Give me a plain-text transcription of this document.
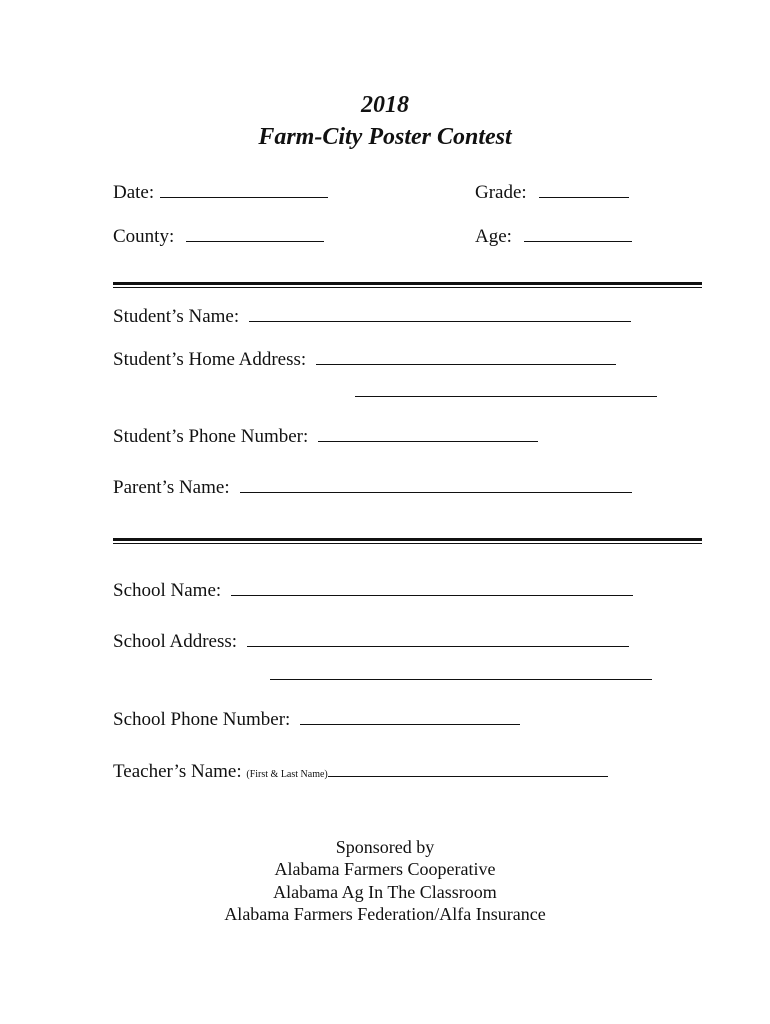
2018
Farm-City Poster Contest
Date:	Grade:
County:	Age:
Student’s Name:
Student’s Home Address:
Student’s Phone Number:
Parent’s Name:
School Name:
School Address:
School Phone Number:
Teacher’s Name: (First & Last Name)
Sponsored by
Alabama Farmers Cooperative
Alabama Ag In The Classroom
Alabama Farmers Federation/Alfa Insurance
